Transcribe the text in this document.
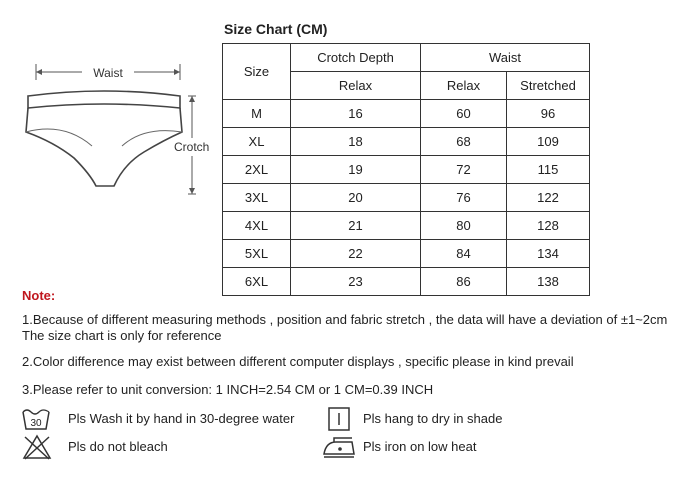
Waist
Crotch
Size Chart (CM)
Size	Crotch Depth	Waist	
	Relax	Relax	Stretched
M	16	60	96
XL	18	68	109
2XL	19	72	115
3XL	20	76	122
4XL	21	80	128
5XL	22	84	134
6XL	23	86	138
Note:
1.Because of different measuring methods , position and fabric stretch , the data will have a deviation of ±1~2cm
The size chart is only for reference
2.Color difference may exist between different computer displays , specific please in kind prevail
3.Please refer to unit conversion: 1 INCH=2.54 CM or 1 CM=0.39 INCH
30 Pls Wash it by hand in 30-degree water	Pls hang to dry in shade
Pls do not bleach	Pls iron on low heat
